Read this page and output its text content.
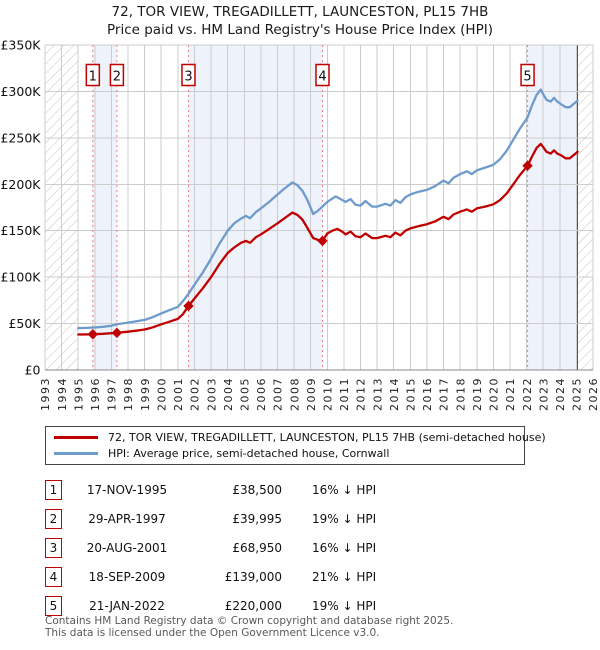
72, TOR VIEW, TREGADILLETT, LAUNCESTON, PL15 7HB
Price paid vs. HM Land Registry's House Price Index (HPI)
1 2	3	4	5
£0
£50K
£100K
£150K
£200K
£250K
£300K
£350K
1993 1994 1995 1996 1997 1998 1999 2000 2001 2002 2003 2004 2005 2006 2007 2008 2009 2010 2011 2012 2013 2014 2015 2016 2017 2018 2019 2020 2021 2022 2023 2024 2025 2026
72, TOR VIEW, TREGADILLETT, LAUNCESTON, PL15 7HB (semi-detached house)
HPI: Average price, semi-detached house, Cornwall
1	17-NOV-1995	£38,500	16% ↓ HPI
2	29-APR-1997	£39,995	19% ↓ HPI
3	20-AUG-2001	£68,950	16% ↓ HPI
4	18-SEP-2009	£139,000	21% ↓ HPI
5	21-JAN-2022	£220,000	19% ↓ HPI
Contains HM Land Registry data © Crown copyright and database right 2025.
This data is licensed under the Open Government Licence v3.0.
